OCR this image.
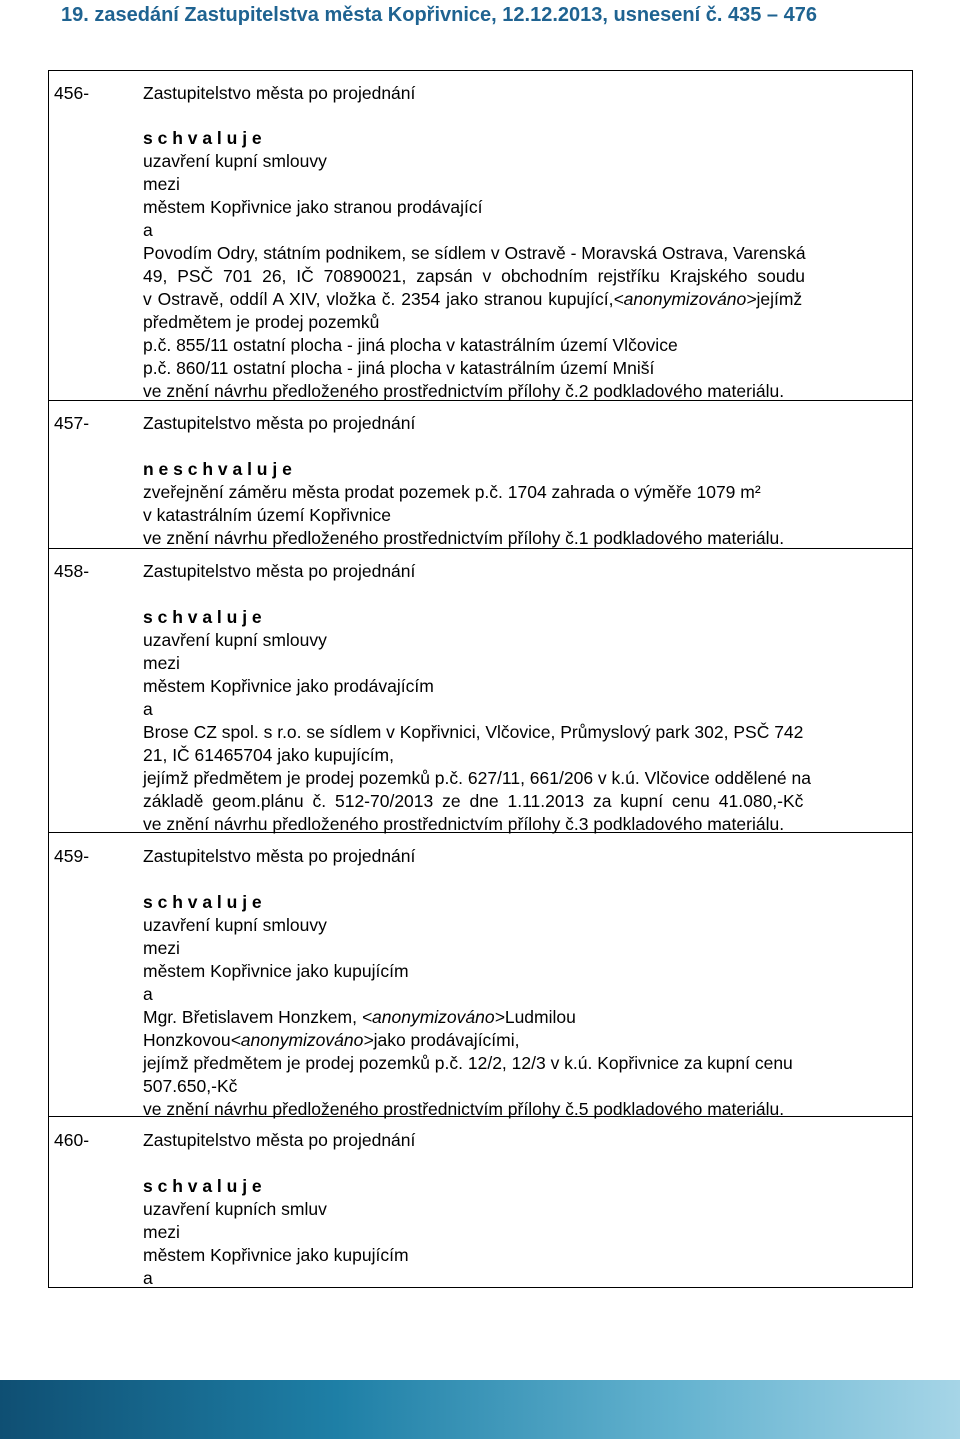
19. zasedání Zastupitelstva města Kopřivnice, 12.12.2013, usnesení č. 435 – 476
456-	Zastupitelstvo města po projednání
s c h v a l u j e
uzavření kupní smlouvy
mezi
městem Kopřivnice jako stranou prodávající
a
Povodím Odry, státním podnikem, se sídlem v Ostravě - Moravská Ostrava, Varenská
49, PSČ 701 26, IČ 70890021, zapsán v obchodním rejstříku Krajského soudu
v Ostravě, oddíl A XIV, vložka č. 2354 jako stranou kupující,<anonymizováno>jejímž
předmětem je prodej pozemků
p.č. 855/11 ostatní plocha - jiná plocha v katastrálním území Vlčovice
p.č. 860/11 ostatní plocha - jiná plocha v katastrálním území Mniší
ve znění návrhu předloženého prostřednictvím přílohy č.2 podkladového materiálu.
457-	Zastupitelstvo města po projednání
n e s c h v a l u j e
zveřejnění záměru města prodat pozemek p.č. 1704 zahrada o výměře 1079 m²
v katastrálním území Kopřivnice
ve znění návrhu předloženého prostřednictvím přílohy č.1 podkladového materiálu.
458-	Zastupitelstvo města po projednání
s c h v a l u j e
uzavření kupní smlouvy
mezi
městem Kopřivnice jako prodávajícím
a
Brose CZ spol. s r.o. se sídlem v Kopřivnici, Vlčovice, Průmyslový park 302, PSČ 742
21, IČ 61465704 jako kupujícím,
jejímž předmětem je prodej pozemků p.č. 627/11, 661/206 v k.ú. Vlčovice oddělené na
základě geom.plánu č. 512-70/2013 ze dne 1.11.2013 za kupní cenu 41.080,-Kč
ve znění návrhu předloženého prostřednictvím přílohy č.3 podkladového materiálu.
459-	Zastupitelstvo města po projednání
s c h v a l u j e
uzavření kupní smlouvy
mezi
městem Kopřivnice jako kupujícím
a
Mgr. Břetislavem Honzkem, <anonymizováno>Ludmilou
Honzkovou<anonymizováno>jako prodávajícími,
jejímž předmětem je prodej pozemků p.č. 12/2, 12/3 v k.ú. Kopřivnice za kupní cenu
507.650,-Kč
ve znění návrhu předloženého prostřednictvím přílohy č.5 podkladového materiálu.
460-	Zastupitelstvo města po projednání
s c h v a l u j e
uzavření kupních smluv
mezi
městem Kopřivnice jako kupujícím
a
